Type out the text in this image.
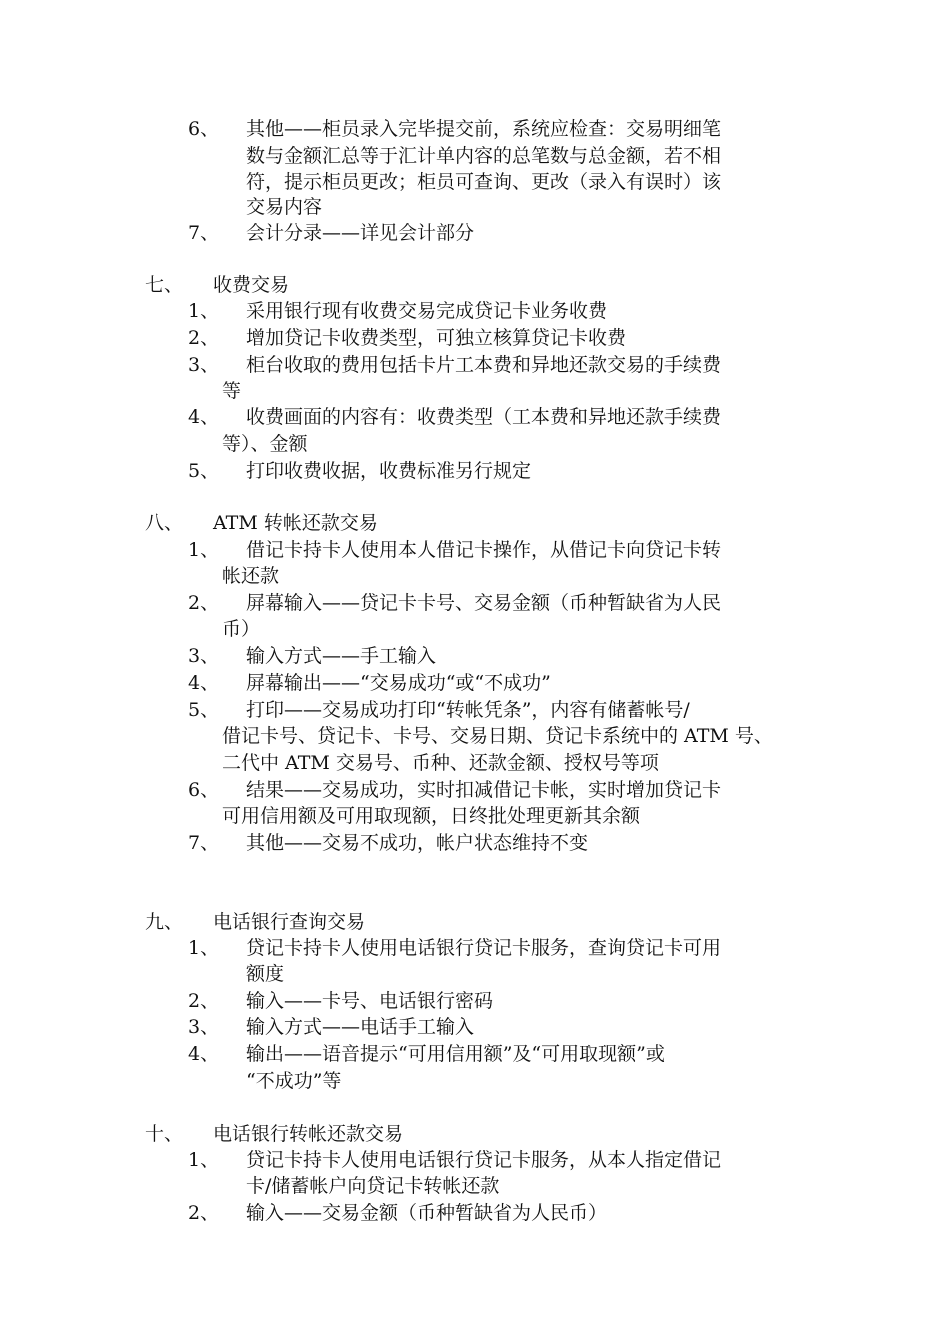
6、 其他——柜员录入完毕提交前，系统应检查：交易明细笔
数与金额汇总等于汇计单内容的总笔数与总金额，若不相
符，提示柜员更改；柜员可查询、更改（录入有误时）该
交易内容
7、 会计分录——详见会计部分
七、 收费交易
1、 采用银行现有收费交易完成贷记卡业务收费
2、 增加贷记卡收费类型，可独立核算贷记卡收费
3、 柜台收取的费用包括卡片工本费和异地还款交易的手续费
等
4、 收费画面的内容有：收费类型（工本费和异地还款手续费
等）、金额
5、 打印收费收据，收费标准另行规定
八、 ATM 转帐还款交易
1、 借记卡持卡人使用本人借记卡操作，从借记卡向贷记卡转
帐还款
2、 屏幕输入——贷记卡卡号、交易金额（币种暂缺省为人民
币）
3、 输入方式——手工输入
4、 屏幕输出——“交易成功“或“不成功”
5、 打印——交易成功打印“转帐凭条”，内容有储蓄帐号/
借记卡号、贷记卡、卡号、交易日期、贷记卡系统中的 ATM 号、
二代中 ATM 交易号、币种、还款金额、授权号等项
6、 结果——交易成功，实时扣减借记卡帐，实时增加贷记卡
可用信用额及可用取现额，日终批处理更新其余额
7、 其他——交易不成功，帐户状态维持不变
九、 电话银行查询交易
1、 贷记卡持卡人使用电话银行贷记卡服务，查询贷记卡可用
额度
2、 输入——卡号、电话银行密码
3、 输入方式——电话手工输入
4、 输出——语音提示“可用信用额”及“可用取现额”或
“不成功”等
十、 电话银行转帐还款交易
1、 贷记卡持卡人使用电话银行贷记卡服务，从本人指定借记
卡/储蓄帐户向贷记卡转帐还款
2、 输入——交易金额（币种暂缺省为人民币）
